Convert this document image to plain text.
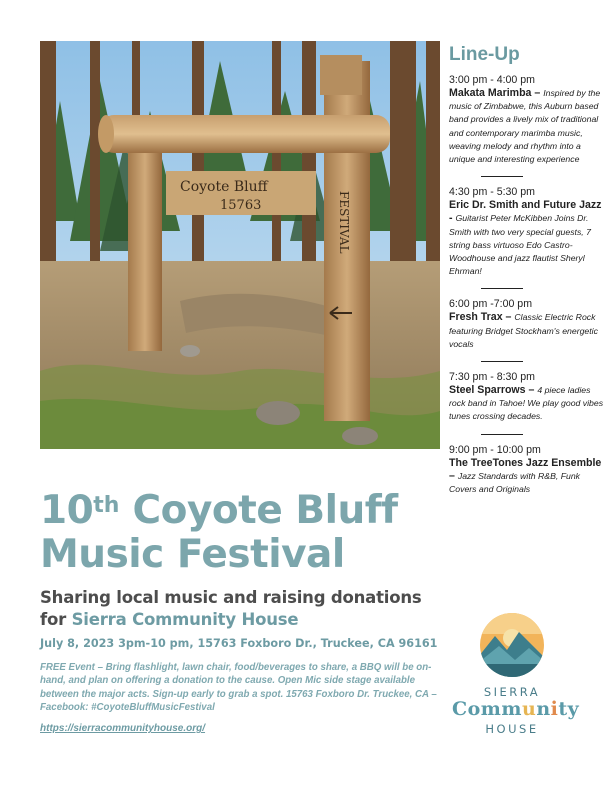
Coyote Bluff
15763	FESTIVAL
Line-Up
3:00 pm - 4:00 pm
Makata Marimba – Inspired by the music of Zimbabwe, this Auburn based band provides a lively mix of traditional and contemporary marimba music, weaving melody and rhythm into a unique and interesting experience
4:30 pm - 5:30 pm
Eric Dr. Smith and Future Jazz - Guitarist Peter McKibben Joins Dr. Smith with two very special guests, 7 string bass virtuoso Edo Castro-Woodhouse and jazz flautist Sheryl Ehrman!
6:00 pm -7:00 pm
Fresh Trax – Classic Electric Rock featuring Bridget Stockham's energetic vocals
7:30 pm - 8:30 pm
Steel Sparrows – 4 piece ladies rock band in Tahoe! We play good vibes tunes crossing decades.
9:00 pm - 10:00 pm
The TreeTones Jazz Ensemble – Jazz Standards with R&B, Funk Covers and Originals
10th Coyote Bluff
Music Festival
Sharing local music and raising donations
for Sierra Community House
July 8, 2023 3pm-10 pm, 15763 Foxboro Dr., Truckee, CA 96161
FREE Event – Bring flashlight, lawn chair, food/beverages to share, a BBQ will be on-hand, and plan on offering a donation to the cause. Open Mic side stage available between the major acts. Sign-up early to grab a spot. 15763 Foxboro Dr. Truckee, CA – Facebook: #CoyoteBluffMusicFestival
https://sierracommunityhouse.org/
SIERRA
Community
HOUSE
